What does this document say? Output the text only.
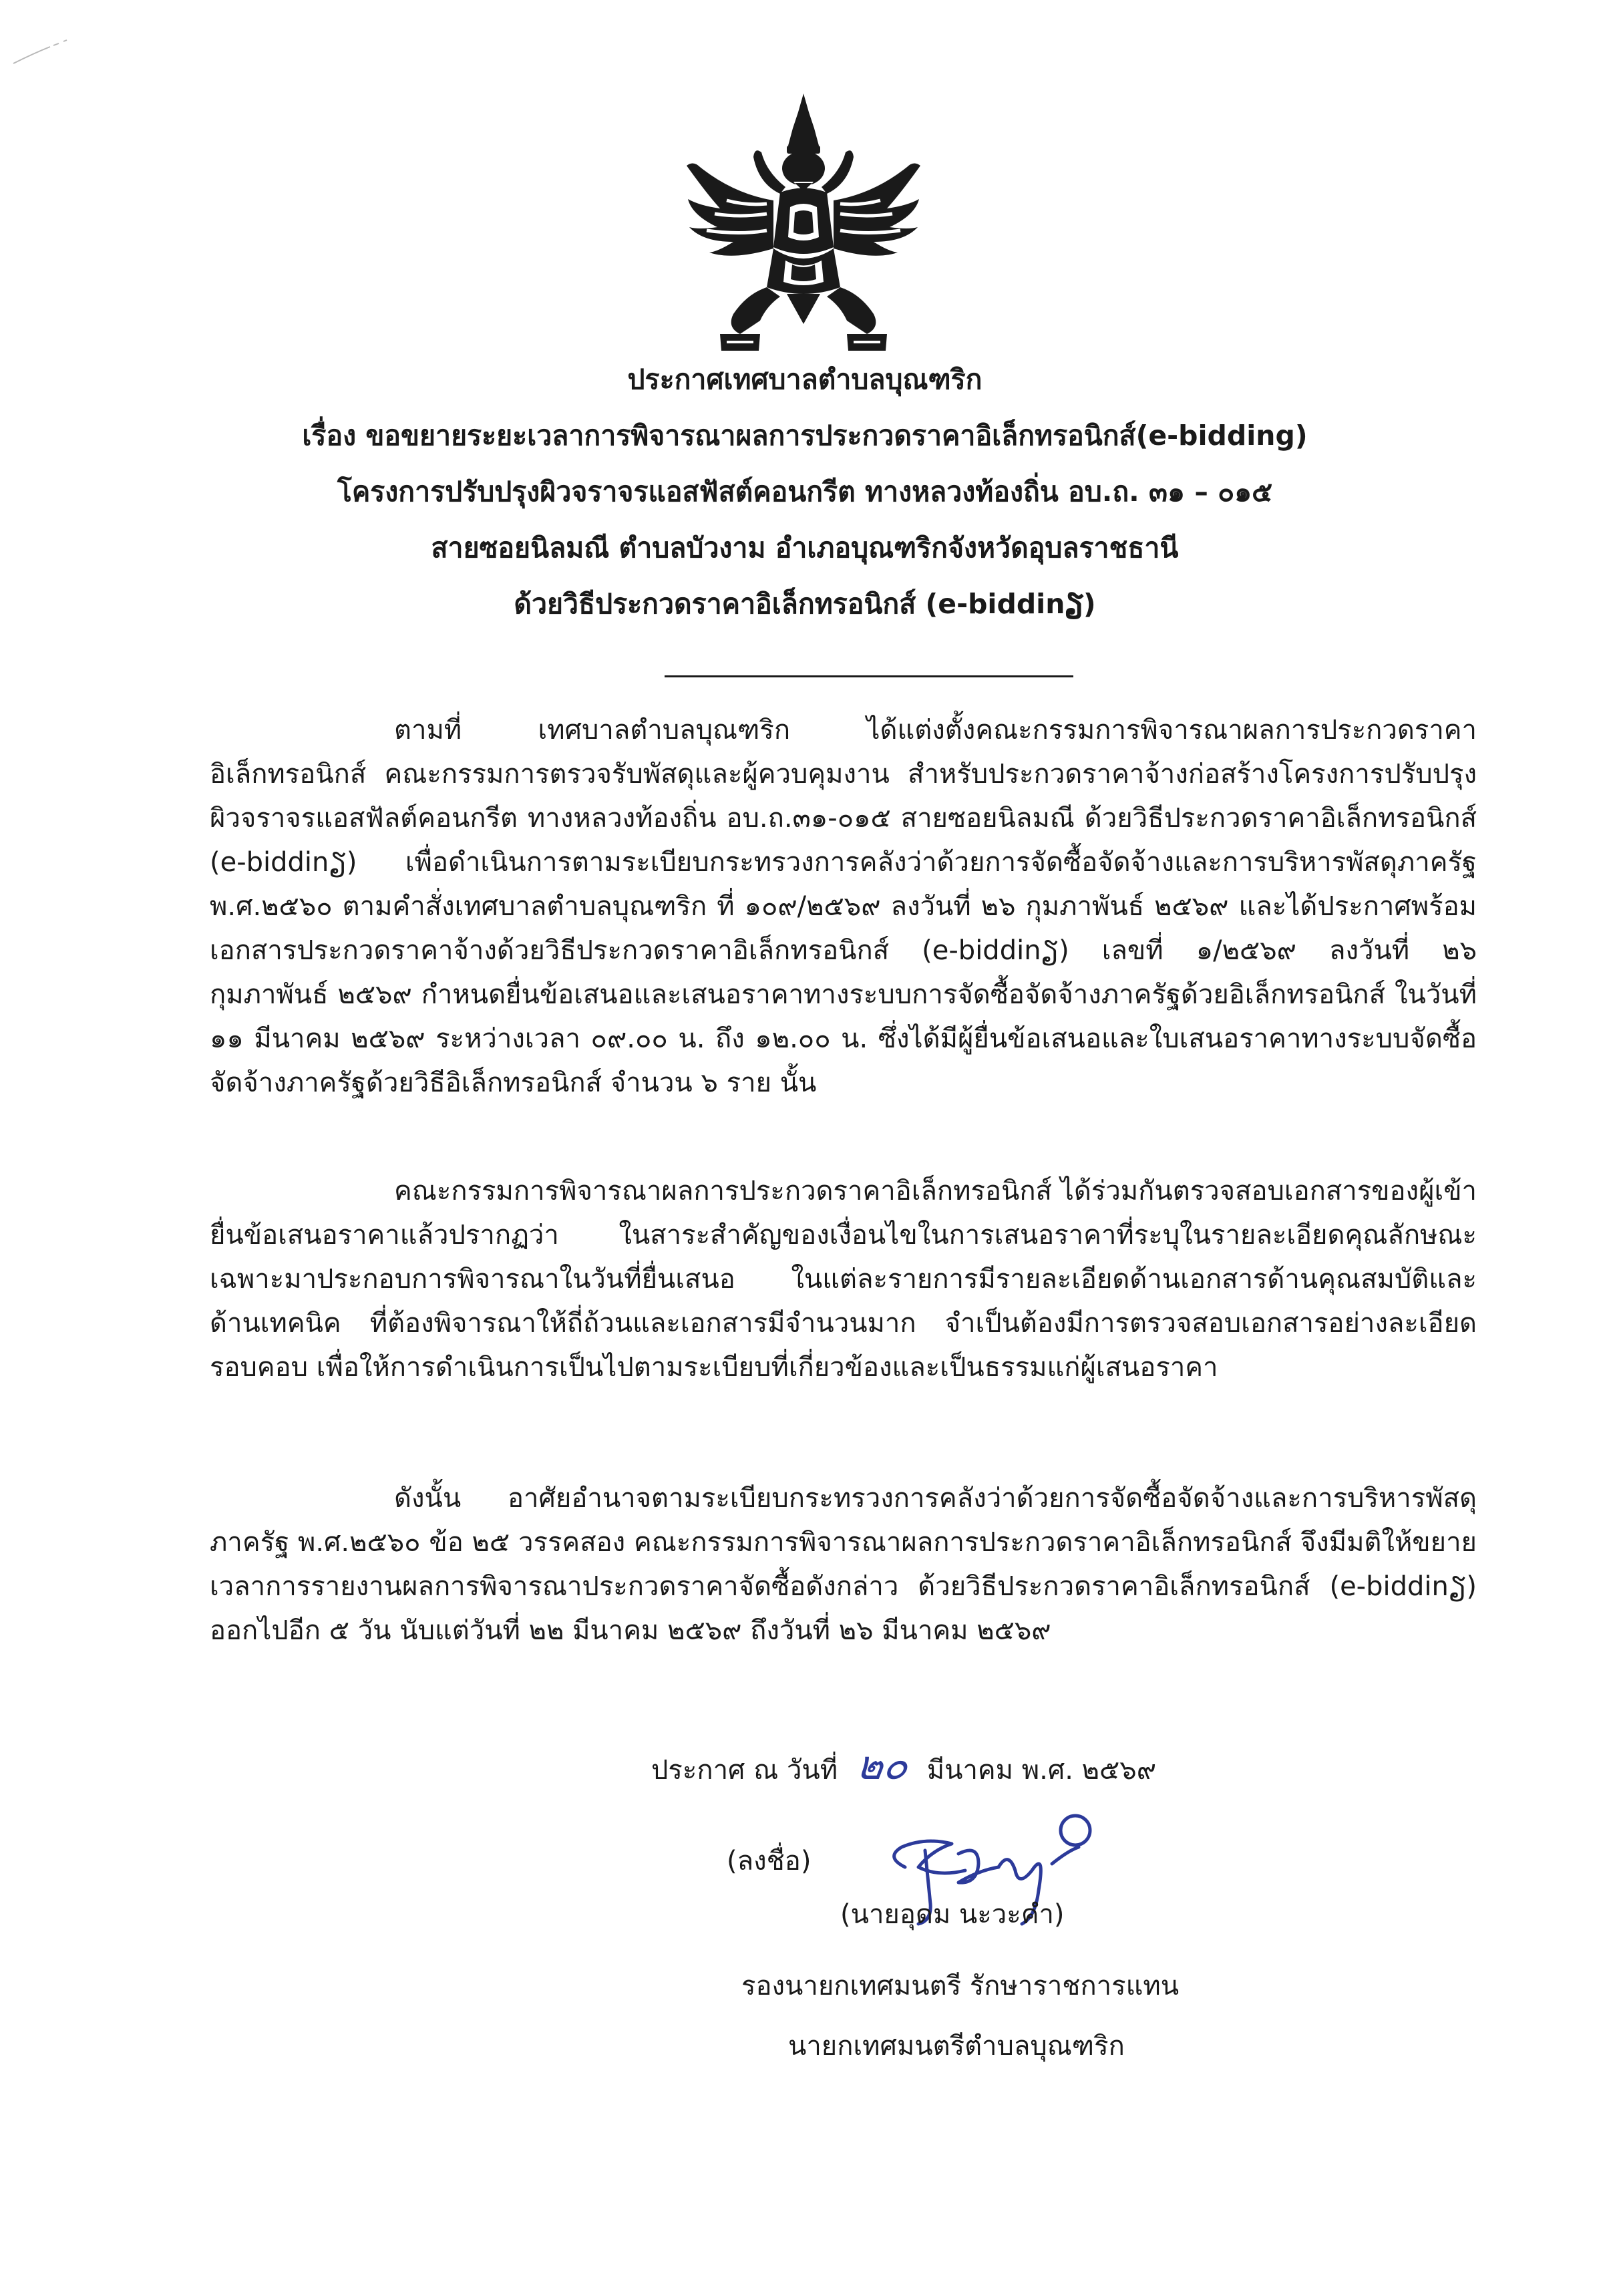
ประกาศเทศบาลตำบลบุณฑริก
เรื่อง ขอขยายระยะเวลาการพิจารณาผลการประกวดราคาอิเล็กทรอนิกส์(e-bidding)
โครงการปรับปรุงผิวจราจรแอสฟัสต์คอนกรีต ทางหลวงท้องถิ่น อบ.ถ. ๓๑ – ๐๑๕
สายซอยนิลมณี ตำบลบัวงาม อำเภอบุณฑริกจังหวัดอุบลราชธานี
ด้วยวิธีประกวดราคาอิเล็กทรอนิกส์ (e-biddinຽ)

ตามที่ เทศบาลตำบลบุณฑริก ได้แต่งตั้งคณะกรรมการพิจารณาผลการประกวดราคาอิเล็กทรอนิกส์ คณะกรรมการตรวจรับพัสดุและผู้ควบคุมงาน สำหรับประกวดราคาจ้างก่อสร้างโครงการปรับปรุงผิวจราจรแอสฟัลต์คอนกรีต ทางหลวงท้องถิ่น อบ.ถ.๓๑-๐๑๕ สายซอยนิลมณี ด้วยวิธีประกวดราคาอิเล็กทรอนิกส์ (e-biddinຽ) เพื่อดำเนินการตามระเบียบกระทรวงการคลังว่าด้วยการจัดซื้อจัดจ้างและการบริหารพัสดุภาครัฐ พ.ศ.๒๕๖๐ ตามคำสั่งเทศบาลตำบลบุณฑริก ที่ ๑๐๙/๒๕๖๙ ลงวันที่ ๒๖ กุมภาพันธ์ ๒๕๖๙ และได้ประกาศพร้อมเอกสารประกวดราคาจ้างด้วยวิธีประกวดราคาอิเล็กทรอนิกส์ (e-biddinຽ) เลขที่ ๑/๒๕๖๙ ลงวันที่ ๒๖ กุมภาพันธ์ ๒๕๖๙ กำหนดยื่นข้อเสนอและเสนอราคาทางระบบการจัดซื้อจัดจ้างภาครัฐด้วยอิเล็กทรอนิกส์ ในวันที่ ๑๑ มีนาคม ๒๕๖๙ ระหว่างเวลา ๐๙.๐๐ น. ถึง ๑๒.๐๐ น. ซึ่งได้มีผู้ยื่นข้อเสนอและใบเสนอราคาทางระบบจัดซื้อจัดจ้างภาครัฐด้วยวิธีอิเล็กทรอนิกส์ จำนวน ๖ ราย นั้น

คณะกรรมการพิจารณาผลการประกวดราคาอิเล็กทรอนิกส์ ได้ร่วมกันตรวจสอบเอกสารของผู้เข้ายื่นข้อเสนอราคาแล้วปรากฏว่า ในสาระสำคัญของเงื่อนไขในการเสนอราคาที่ระบุในรายละเอียดคุณลักษณะเฉพาะมาประกอบการพิจารณาในวันที่ยื่นเสนอ ในแต่ละรายการมีรายละเอียดด้านเอกสารด้านคุณสมบัติและด้านเทคนิค ที่ต้องพิจารณาให้ถี่ถ้วนและเอกสารมีจำนวนมาก จำเป็นต้องมีการตรวจสอบเอกสารอย่างละเอียด รอบคอบ เพื่อให้การดำเนินการเป็นไปตามระเบียบที่เกี่ยวข้องและเป็นธรรมแก่ผู้เสนอราคา

ดังนั้น อาศัยอำนาจตามระเบียบกระทรวงการคลังว่าด้วยการจัดซื้อจัดจ้างและการบริหารพัสดุภาครัฐ พ.ศ.๒๕๖๐ ข้อ ๒๕ วรรคสอง คณะกรรมการพิจารณาผลการประกวดราคาอิเล็กทรอนิกส์ จึงมีมติให้ขยายเวลาการรายงานผลการพิจารณาประกวดราคาจัดซื้อดังกล่าว ด้วยวิธีประกวดราคาอิเล็กทรอนิกส์ (e-biddinຽ) ออกไปอีก ๕ วัน นับแต่วันที่ ๒๒ มีนาคม ๒๕๖๙ ถึงวันที่ ๒๖ มีนาคม ๒๕๖๙

ประกาศ ณ วันที่ ๒๐ มีนาคม พ.ศ. ๒๕๖๙
(ลงชื่อ)
(นายอุดม นะวะคำ)
รองนายกเทศมนตรี รักษาราชการแทน
นายกเทศมนตรีตำบลบุณฑริก
